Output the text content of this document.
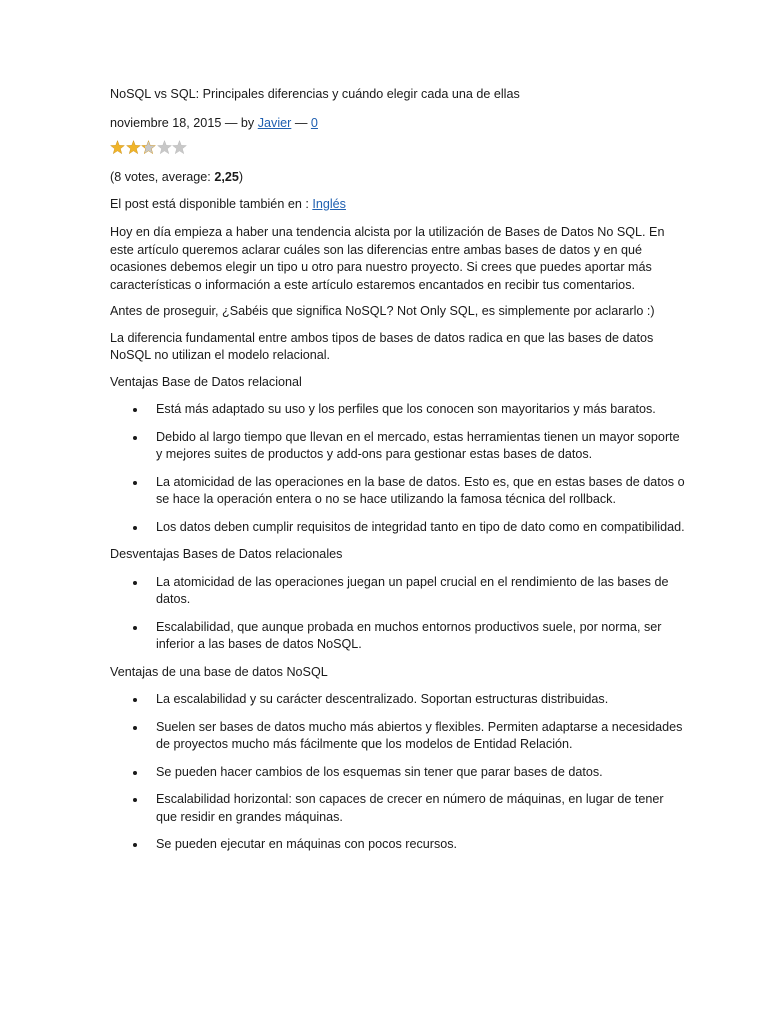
NoSQL vs SQL: Principales diferencias y cuándo elegir cada una de ellas

noviembre 18, 2015 — by Javier — 0

(8 votes, average: 2,25)

El post está disponible también en : Inglés

Hoy en día empieza a haber una tendencia alcista por la utilización de Bases de Datos No SQL. En este artículo queremos aclarar cuáles son las diferencias entre ambas bases de datos y en qué ocasiones debemos elegir un tipo u otro para nuestro proyecto. Si crees que puedes aportar más características o información a este artículo estaremos encantados en recibir tus comentarios.

Antes de proseguir, ¿Sabéis que significa NoSQL? Not Only SQL, es simplemente por aclararlo :)

La diferencia fundamental entre ambos tipos de bases de datos radica en que las bases de datos NoSQL no utilizan el modelo relacional.

Ventajas Base de Datos relacional

Está más adaptado su uso y los perfiles que los conocen son mayoritarios y más baratos.
Debido al largo tiempo que llevan en el mercado, estas herramientas tienen un mayor soporte y mejores suites de productos y add-ons para gestionar estas bases de datos.
La atomicidad de las operaciones en la base de datos. Esto es, que en estas bases de datos o se hace la operación entera o no se hace utilizando la famosa técnica del rollback.
Los datos deben cumplir requisitos de integridad tanto en tipo de dato como en compatibilidad.

Desventajas Bases de Datos relacionales

La atomicidad de las operaciones juegan un papel crucial en el rendimiento de las bases de datos.
Escalabilidad, que aunque probada en muchos entornos productivos suele, por norma, ser inferior a las bases de datos NoSQL.

Ventajas de una base de datos NoSQL

La escalabilidad y su carácter descentralizado. Soportan estructuras distribuidas.
Suelen ser bases de datos mucho más abiertos y flexibles. Permiten adaptarse a necesidades de proyectos mucho más fácilmente que los modelos de Entidad Relación.
Se pueden hacer cambios de los esquemas sin tener que parar bases de datos.
Escalabilidad horizontal: son capaces de crecer en número de máquinas, en lugar de tener que residir en grandes máquinas.
Se pueden ejecutar en máquinas con pocos recursos.
